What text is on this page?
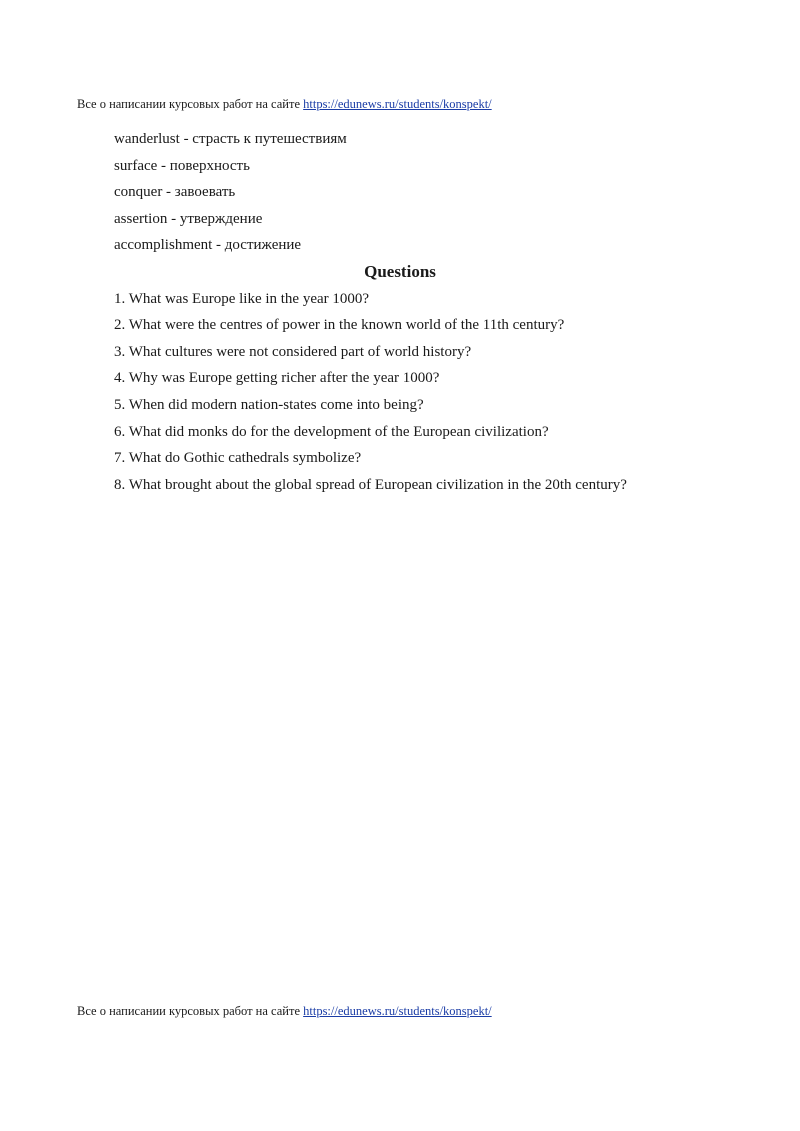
Все о написании курсовых работ на сайте https://edunews.ru/students/konspekt/
wanderlust - страсть к путешествиям
surface - поверхность
conquer - завоевать
assertion - утверждение
accomplishment - достижение
Questions
1. What was Europe like in the year 1000?
2. What were the centres of power in the known world of the 11th century?
3. What cultures were not considered part of world history?
4. Why was Europe getting richer after the year 1000?
5. When did modern nation-states come into being?
6. What did monks do for the development of the European civilization?
7. What do Gothic cathedrals symbolize?
8. What brought about the global spread of European civilization in the 20th century?
Все о написании курсовых работ на сайте https://edunews.ru/students/konspekt/
